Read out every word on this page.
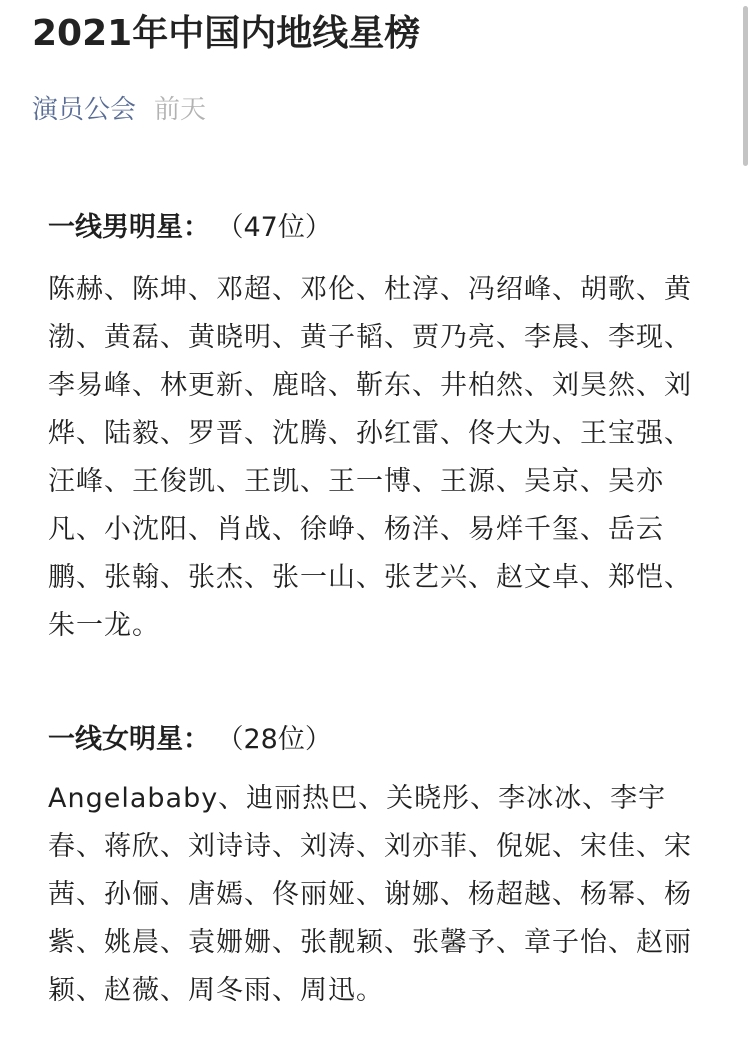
2021年中国内地线星榜
演员公会 前天
一线男明星： （47位）

陈赫、陈坤、邓超、邓伦、杜淳、冯绍峰、胡歌、黄渤、黄磊、黄晓明、黄子韬、贾乃亮、李晨、李现、李易峰、林更新、鹿晗、靳东、井柏然、刘昊然、刘烨、陆毅、罗晋、沈腾、孙红雷、佟大为、王宝强、汪峰、王俊凯、王凯、王一博、王源、吴京、吴亦凡、小沈阳、肖战、徐峥、杨洋、易烊千玺、岳云鹏、张翰、张杰、张一山、张艺兴、赵文卓、郑恺、朱一龙。

一线女明星： （28位）

Angelababy、迪丽热巴、关晓彤、李冰冰、李宇春、蒋欣、刘诗诗、刘涛、刘亦菲、倪妮、宋佳、宋茜、孙俪、唐嫣、佟丽娅、谢娜、杨超越、杨幂、杨紫、姚晨、袁姗姗、张靓颖、张馨予、章子怡、赵丽颖、赵薇、周冬雨、周迅。
